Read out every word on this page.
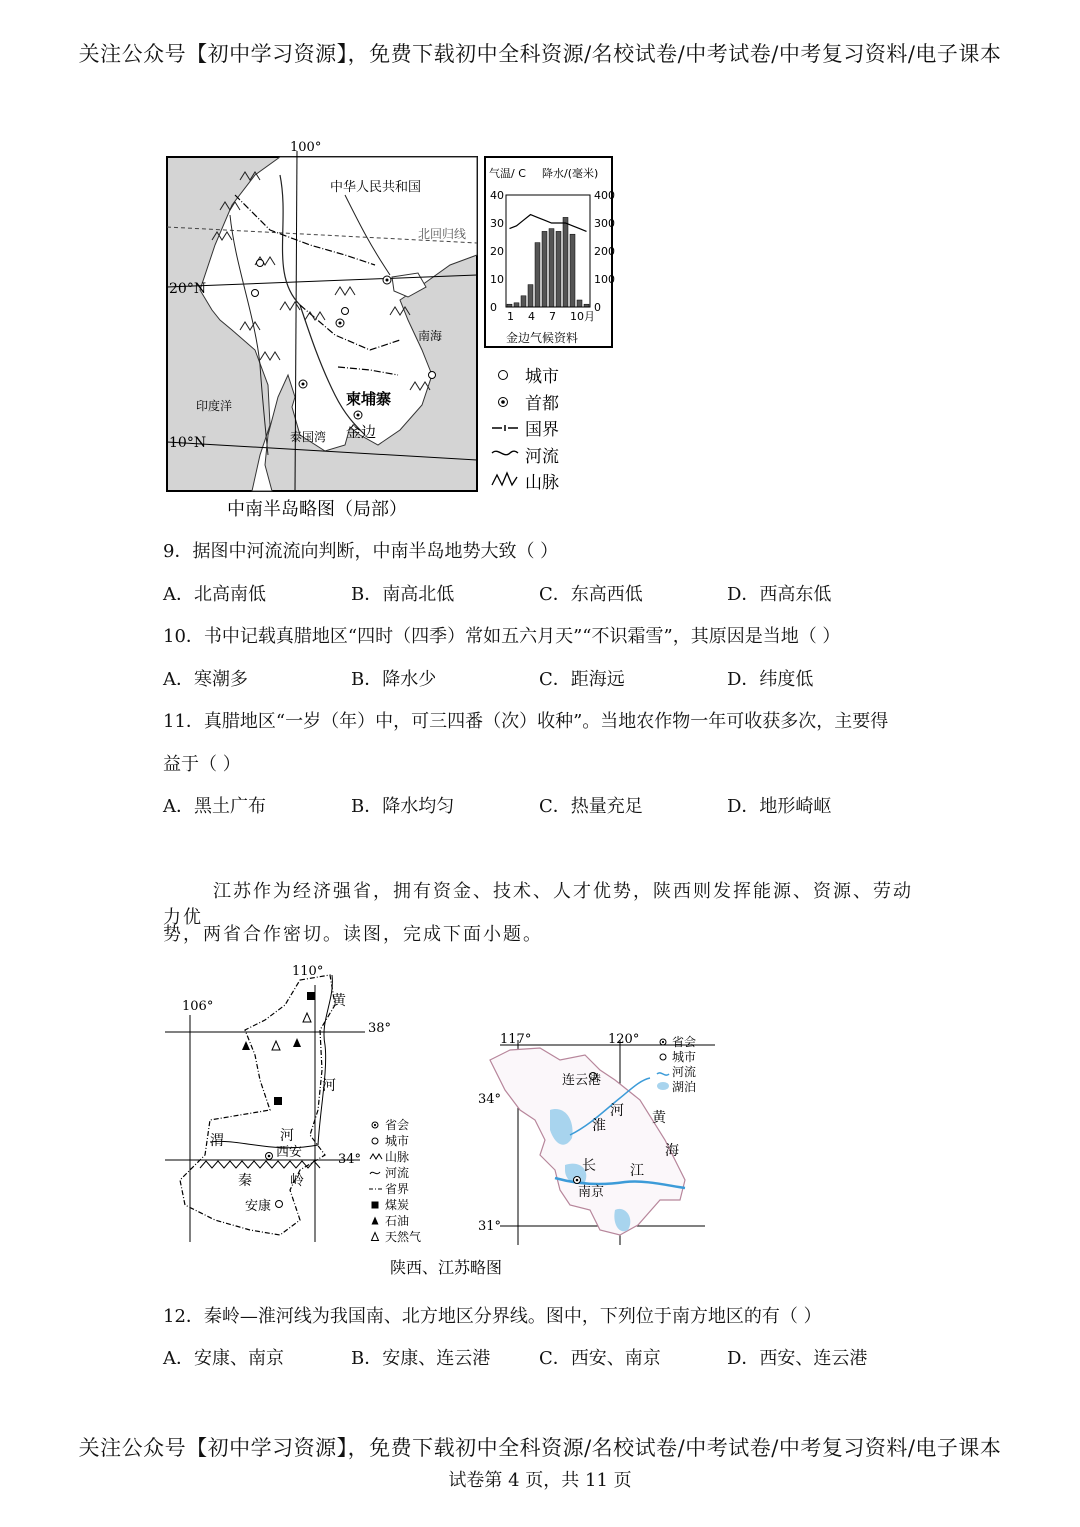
关注公众号【初中学习资源】，免费下载初中全科资源/名校试卷/中考试卷/中考复习资料/电子课本
100°
中华人民共和国
北回归线
20°N
南海
印度洋	柬埔寨
泰国湾 金边
10°N
气温/ C 降水/(毫米)
0
10
20
30
40
0
100
200
300
400
1 4 7 10月
金边气候资料
城市
首都
国界
河流
山脉
中南半岛略图（局部）
9．据图中河流流向判断，中南半岛地势大致（ ）
A．北高南低	B．南高北低	C．东高西低	D．西高东低
10．书中记载真腊地区“四时（四季）常如五六月天”“不识霜雪”，其原因是当地（ ）
A．寒潮多	B．降水少	C．距海远	D．纬度低
11．真腊地区“一岁（年）中，可三四番（次）收种”。当地农作物一年可收获多次，主要得
益于（ ）
A．黑土广布	B．降水均匀	C．热量充足	D．地形崎岖
江苏作为经济强省，拥有资金、技术、人才优势，陕西则发挥能源、资源、劳动力优
势，两省合作密切。读图，完成下面小题。
110°
106°
38°
34°
黄
河
渭	河
西安
秦	岭
安康
省会
城市
山脉
河流
省界
煤炭
石油
天然气
117°	120°
34°
31°
连云港
河
淮	黄
海
长 江
南京
省会
城市
河流
湖泊
陕西、江苏略图
12．秦岭—淮河线为我国南、北方地区分界线。图中，下列位于南方地区的有（ ）
A．安康、南京	B．安康、连云港	C．西安、南京	D．西安、连云港
关注公众号【初中学习资源】，免费下载初中全科资源/名校试卷/中考试卷/中考复习资料/电子课本
试卷第 4 页，共 11 页
